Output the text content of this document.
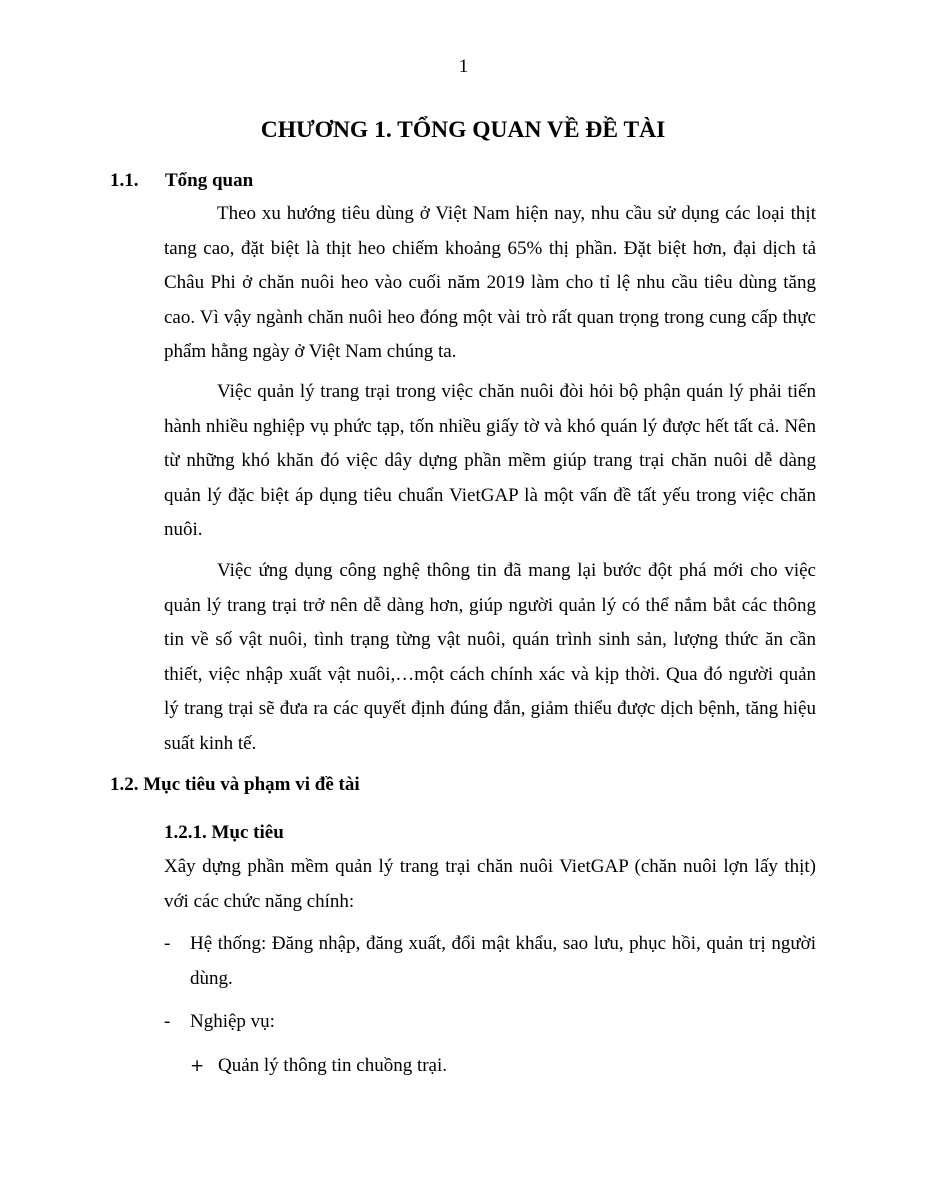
1
CHƯƠNG 1. TỔNG QUAN VỀ ĐỀ TÀI
1.1. Tổng quan

Theo xu hướng tiêu dùng ở Việt Nam hiện nay, nhu cầu sử dụng các loại thịt tang cao, đặt biệt là thịt heo chiếm khoảng 65% thị phần. Đặt biệt hơn, đại dịch tả Châu Phi ở chăn nuôi heo vào cuối năm 2019 làm cho tỉ lệ nhu cầu tiêu dùng tăng cao. Vì vậy ngành chăn nuôi heo đóng một vài trò rất quan trọng trong cung cấp thực phẩm hằng ngày ở Việt Nam chúng ta.

Việc quản lý trang trại trong việc chăn nuôi đòi hỏi bộ phận quán lý phải tiến hành nhiều nghiệp vụ phức tạp, tốn nhiều giấy tờ và khó quán lý được hết tất cả. Nên từ những khó khăn đó việc dây dựng phần mềm giúp trang trại chăn nuôi dễ dàng quản lý đặc biệt áp dụng tiêu chuẩn VietGAP là một vấn đề tất yếu trong việc chăn nuôi.

Việc ứng dụng công nghệ thông tin đã mang lại bước đột phá mới cho việc quản lý trang trại trở nên dễ dàng hơn, giúp người quản lý có thể nắm bắt các thông tin về số vật nuôi, tình trạng từng vật nuôi, quán trình sinh sản, lượng thức ăn cần thiết, việc nhập xuất vật nuôi,…một cách chính xác và kịp thời. Qua đó người quản lý trang trại sẽ đưa ra các quyết định đúng đắn, giảm thiểu được dịch bệnh, tăng hiệu suất kinh tế.

1.2. Mục tiêu và phạm vi đề tài
1.2.1. Mục tiêu

Xây dựng phần mềm quản lý trang trại chăn nuôi VietGAP (chăn nuôi lợn lấy thịt) với các chức năng chính:

- Hệ thống: Đăng nhập, đăng xuất, đổi mật khẩu, sao lưu, phục hồi, quản trị người dùng.
- Nghiệp vụ:
+ Quản lý thông tin chuồng trại.
